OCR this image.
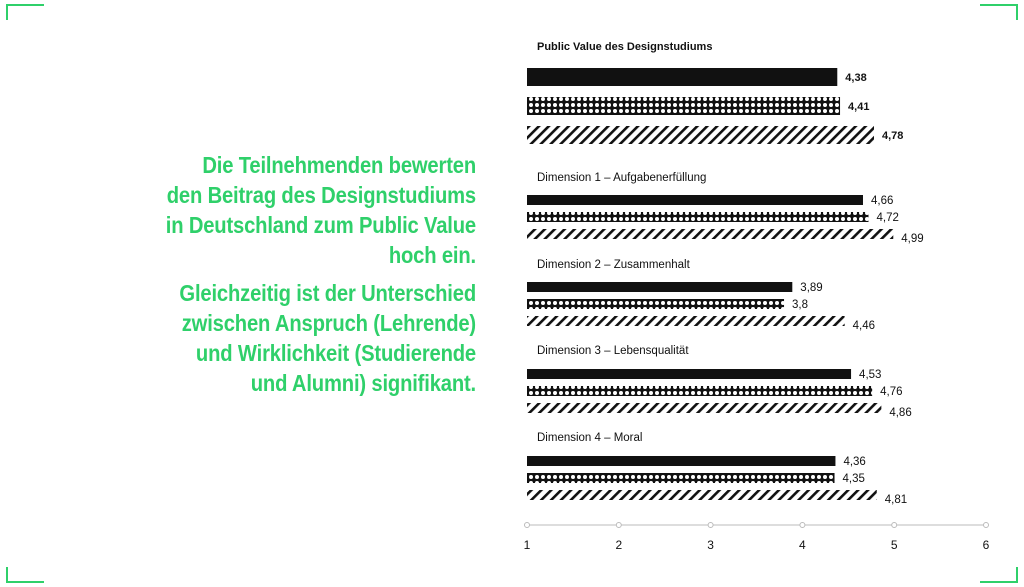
Die Teilnehmenden bewerten
den Beitrag des Designstudiums
in Deutschland zum Public Value
hoch ein.

Gleichzeitig ist der Unterschied
zwischen Anspruch (Lehrende)
und Wirklichkeit (Studierende
und Alumni) signifikant.

Public Value des Designstudiums
4,38
4,41
4,78
Dimension 1 – Aufgabenerfüllung
4,66
4,72
4,99
Dimension 2 – Zusammenhalt
3,89
3,8
4,46
Dimension 3 – Lebensqualität
4,53
4,76
4,86
Dimension 4 – Moral
4,36
4,35
4,81
1	2	3	4	5	6
